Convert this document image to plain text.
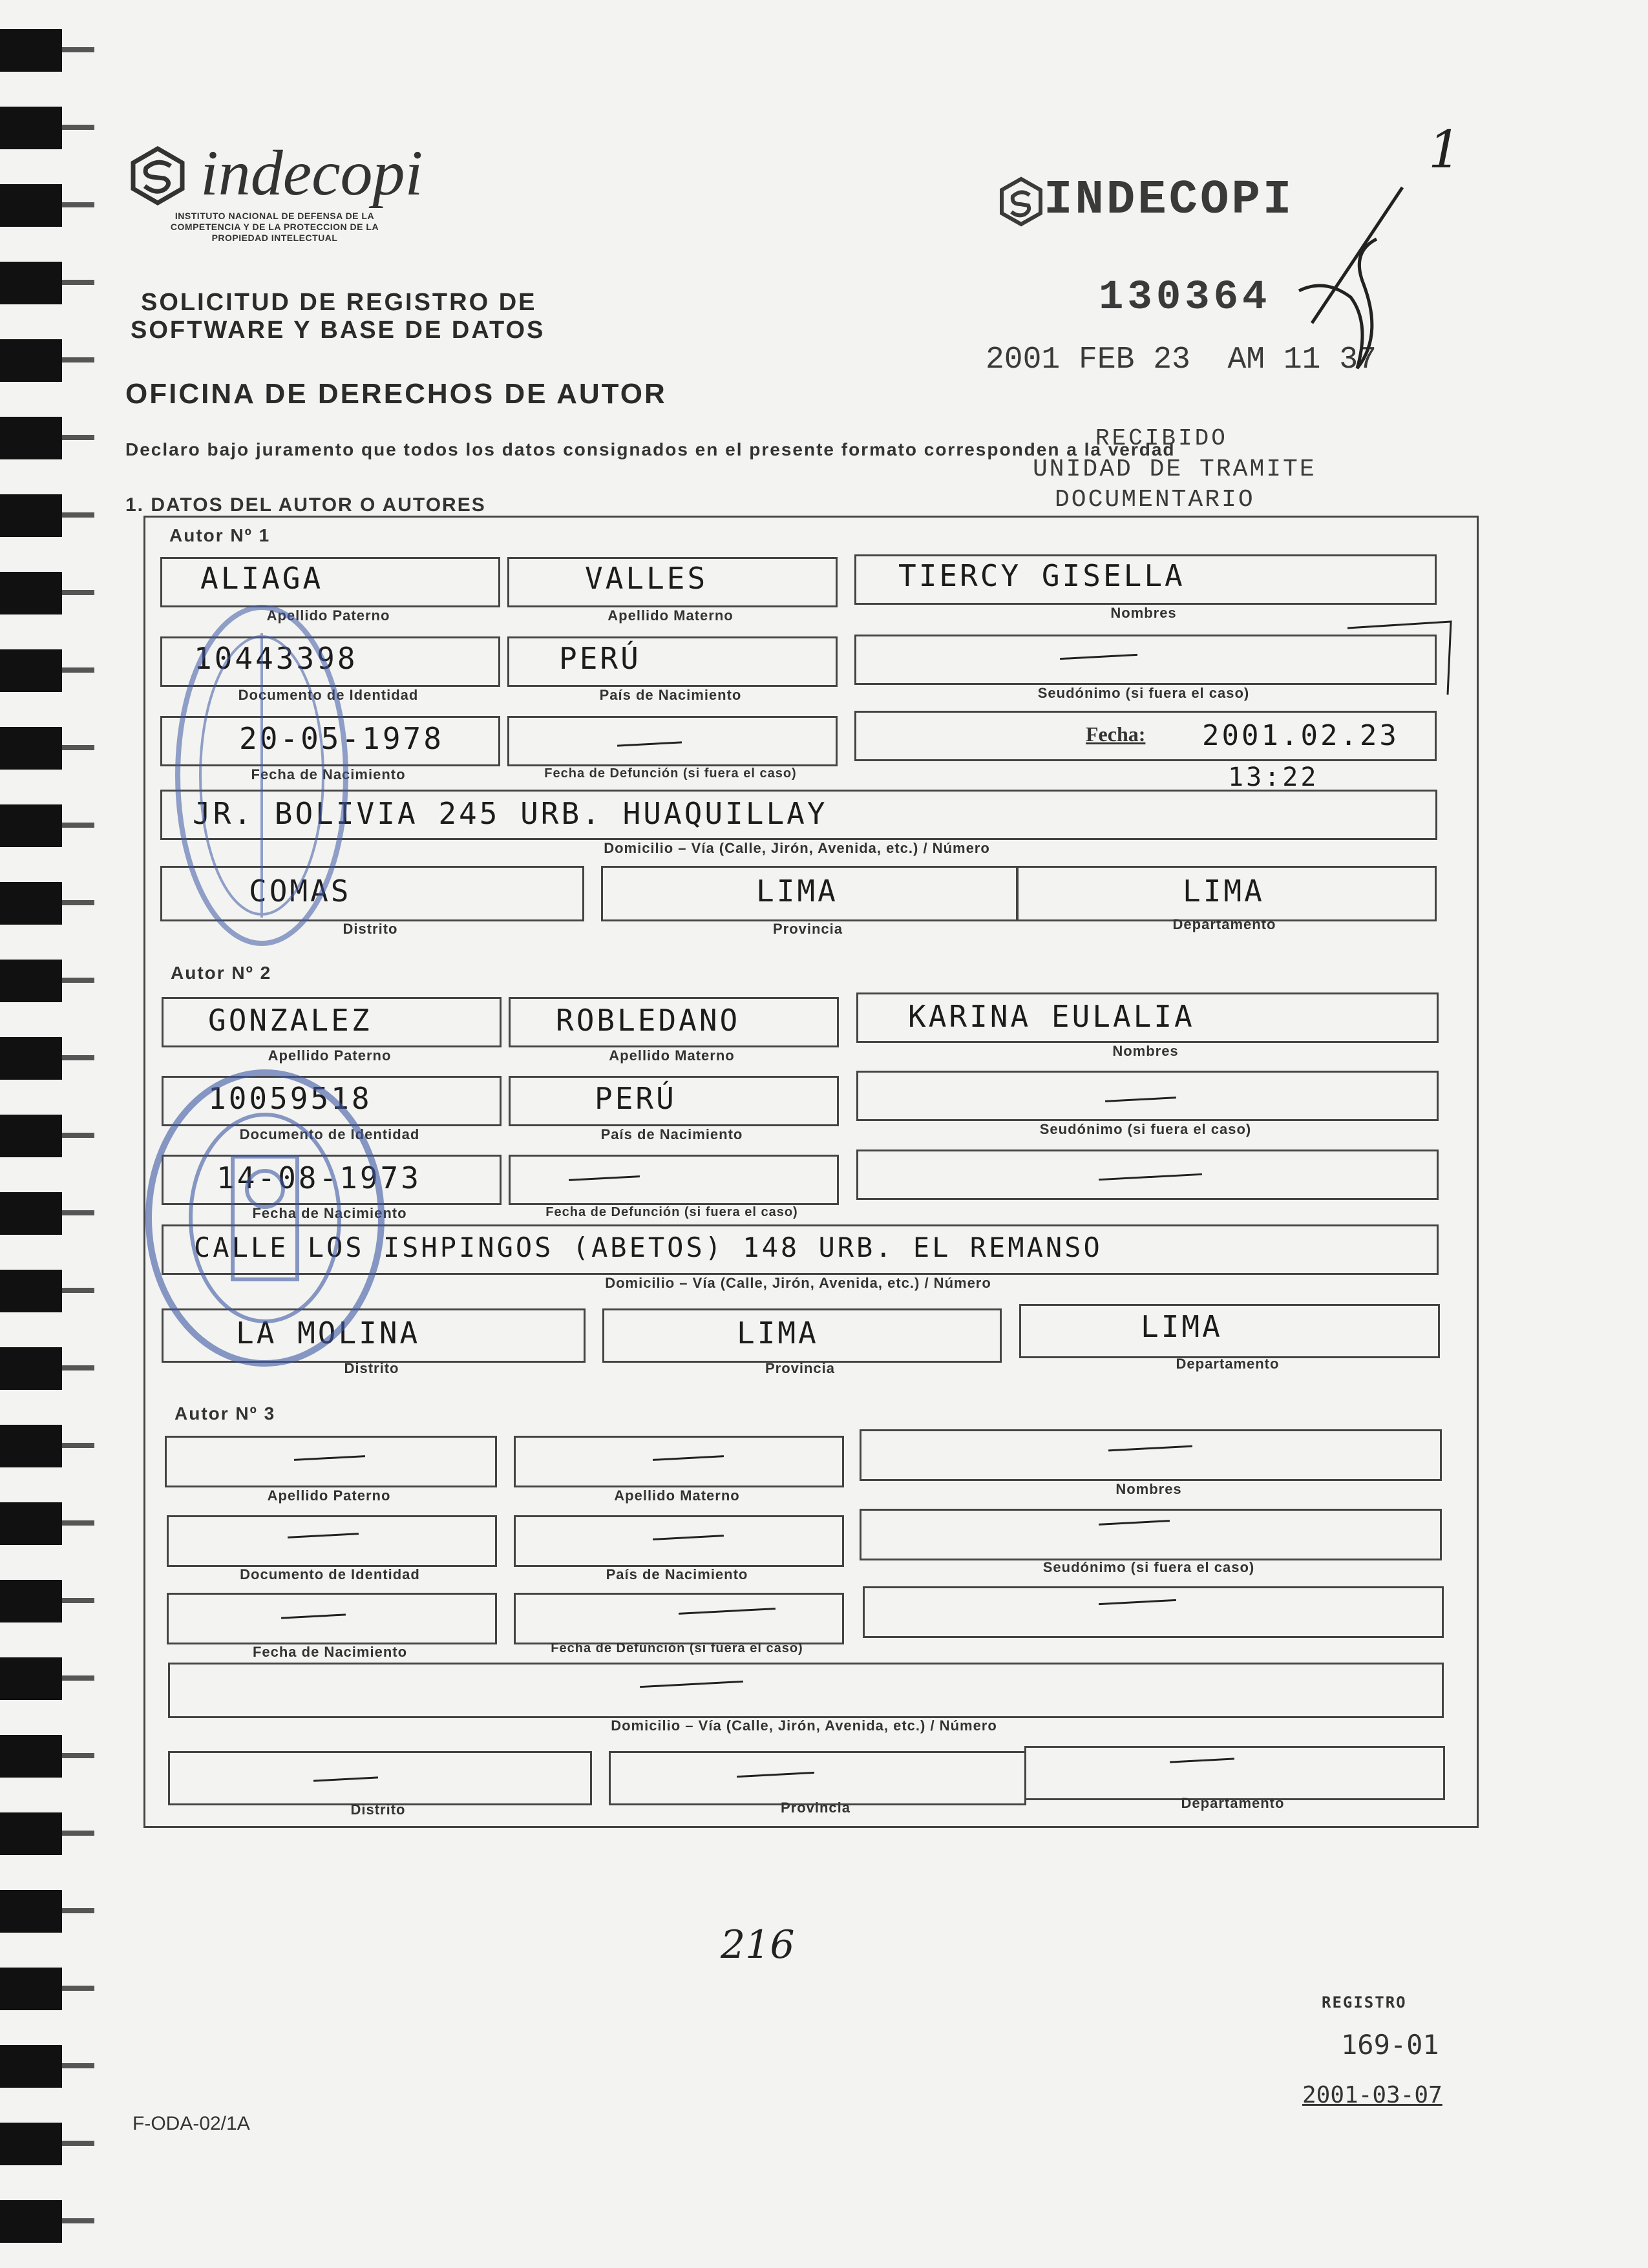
indecopi
INSTITUTO NACIONAL DE DEFENSA DE LA COMPETENCIA Y DE LA PROTECCION DE LA PROPIEDAD INTELECTUAL
SOLICITUD DE REGISTRO DE
SOFTWARE Y BASE DE DATOS
OFICINA DE DERECHOS DE AUTOR
Declaro bajo juramento que todos los datos consignados en el presente formato corresponden a la verdad
INDECOPI
130364
2001 FEB 23  AM 11 37
RECIBIDO
UNIDAD DE TRAMITE
DOCUMENTARIO
1
1. DATOS DEL AUTOR O AUTORES
Autor Nº 1
ALIAGA
Apellido Paterno
VALLES
Apellido Materno
TIERCY GISELLA
Nombres
10443398
Documento de Identidad
PERÚ
País de Nacimiento	Seudónimo (si fuera el caso)
20-05-1978
Fecha de Nacimiento	Fecha de Defunción (si fuera el caso)
Fecha: 2001.02.23
13:22
JR. BOLIVIA 245 URB. HUAQUILLAY
Domicilio – Vía (Calle, Jirón, Avenida, etc.) / Número
COMAS
Distrito
LIMA
Provincia
LIMA
Departamento
Autor Nº 2
GONZALEZ
Apellido Paterno
ROBLEDANO
Apellido Materno
KARINA EULALIA
Nombres
10059518
Documento de Identidad
PERÚ
País de Nacimiento	Seudónimo (si fuera el caso)
14-08-1973
Fecha de Nacimiento	Fecha de Defunción (si fuera el caso)
CALLE LOS ISHPINGOS (ABETOS) 148 URB. EL REMANSO
Domicilio – Vía (Calle, Jirón, Avenida, etc.) / Número
LA MOLINA
Distrito
LIMA
Provincia
LIMA
Departamento
Autor Nº 3
Apellido Paterno	Apellido Materno	Nombres
Documento de Identidad	País de Nacimiento	Seudónimo (si fuera el caso)
Fecha de Nacimiento	Fecha de Defunción (si fuera el caso)
Domicilio – Vía (Calle, Jirón, Avenida, etc.) / Número
Distrito	Provincia	Departamento
216
REGISTRO
169-01
2001-03-07
F-ODA-02/1A
